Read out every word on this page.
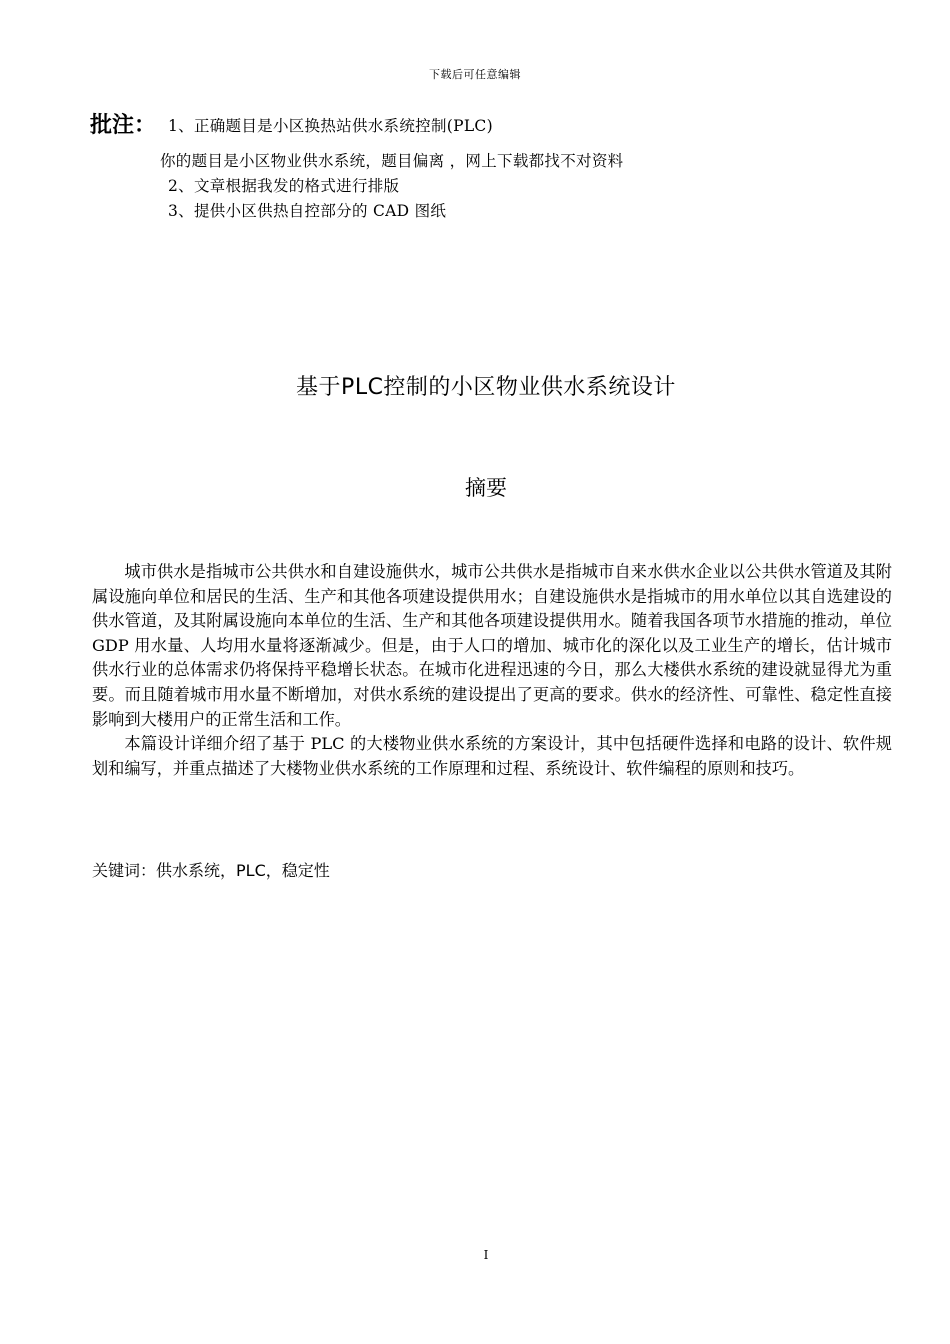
下载后可任意编辑
批注： 1、正确题目是小区换热站供水系统控制(PLC)
你的题目是小区物业供水系统，题目偏离 ，网上下载都找不对资料
2、文章根据我发的格式进行排版
3、提供小区供热自控部分的 CAD 图纸
基于PLC控制的小区物业供水系统设计
摘要

城市供水是指城市公共供水和自建设施供水，城市公共供水是指城市自来水供水企业以公共供水管道及其附属设施向单位和居民的生活、生产和其他各项建设提供用水；自建设施供水是指城市的用水单位以其自选建设的供水管道，及其附属设施向本单位的生活、生产和其他各项建设提供用水。随着我国各项节水措施的推动，单位 GDP 用水量、人均用水量将逐渐减少。但是，由于人口的增加、城市化的深化以及工业生产的增长，估计城市供水行业的总体需求仍将保持平稳增长状态。在城市化进程迅速的今日，那么大楼供水系统的建设就显得尤为重要。而且随着城市用水量不断增加，对供水系统的建设提出了更高的要求。供水的经济性、可靠性、稳定性直接影响到大楼用户的正常生活和工作。

本篇设计详细介绍了基于 PLC 的大楼物业供水系统的方案设计，其中包括硬件选择和电路的设计、软件规划和编写，并重点描述了大楼物业供水系统的工作原理和过程、系统设计、软件编程的原则和技巧。

关键词：供水系统，PLC，稳定性
I
